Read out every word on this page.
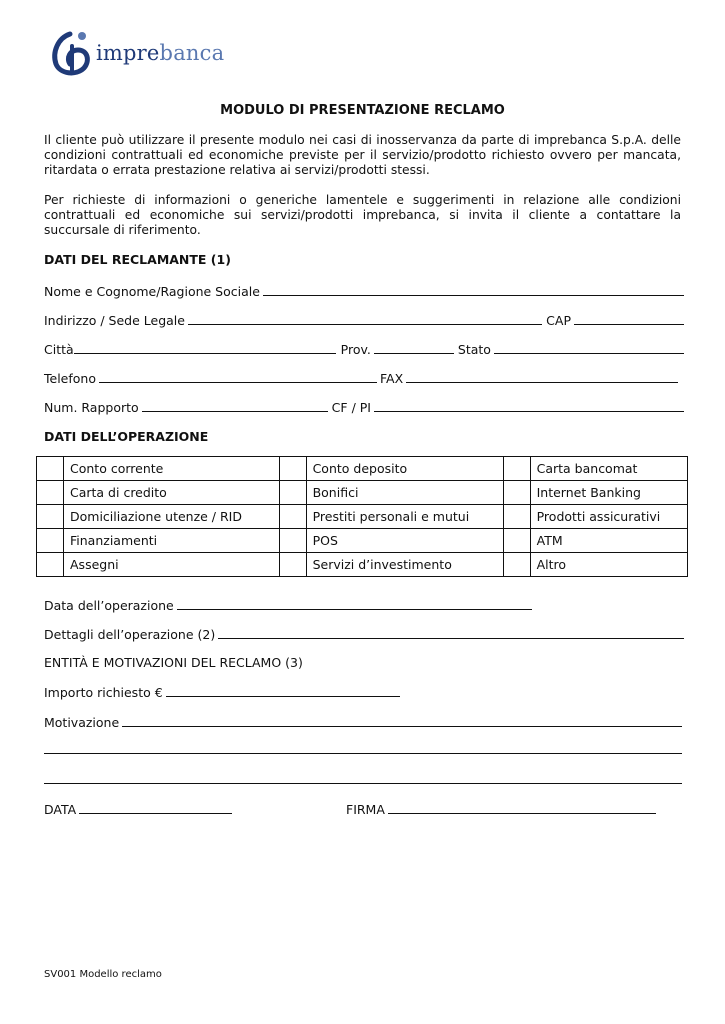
imprebanca
MODULO DI PRESENTAZIONE RECLAMO
Il cliente può utilizzare il presente modulo nei casi di inosservanza da parte di imprebanca S.p.A. delle condizioni contrattuali ed economiche previste per il servizio/prodotto richiesto ovvero per mancata, ritardata o errata prestazione relativa ai servizi/prodotti stessi.
Per richieste di informazioni o generiche lamentele e suggerimenti in relazione alle condizioni contrattuali ed economiche sui servizi/prodotti imprebanca, si invita il cliente a contattare la succursale di riferimento.
DATI DEL RECLAMANTE (1)
Nome e Cognome/Ragione Sociale
Indirizzo / Sede Legale	CAP
Città	Prov.	Stato
Telefono	FAX
Num. Rapporto	CF / PI
DATI DELL’OPERAZIONE
	Conto corrente		Conto deposito		Carta bancomat
	Carta di credito		Bonifici		Internet Banking
	Domiciliazione utenze / RID		Prestiti personali e mutui		Prodotti assicurativi
	Finanziamenti		POS		ATM
	Assegni		Servizi d’investimento		Altro
Data dell’operazione
Dettagli dell’operazione (2)
ENTITÀ E MOTIVAZIONI DEL RECLAMO (3)
Importo richiesto €
Motivazione
DATA	FIRMA
SV001 Modello reclamo
